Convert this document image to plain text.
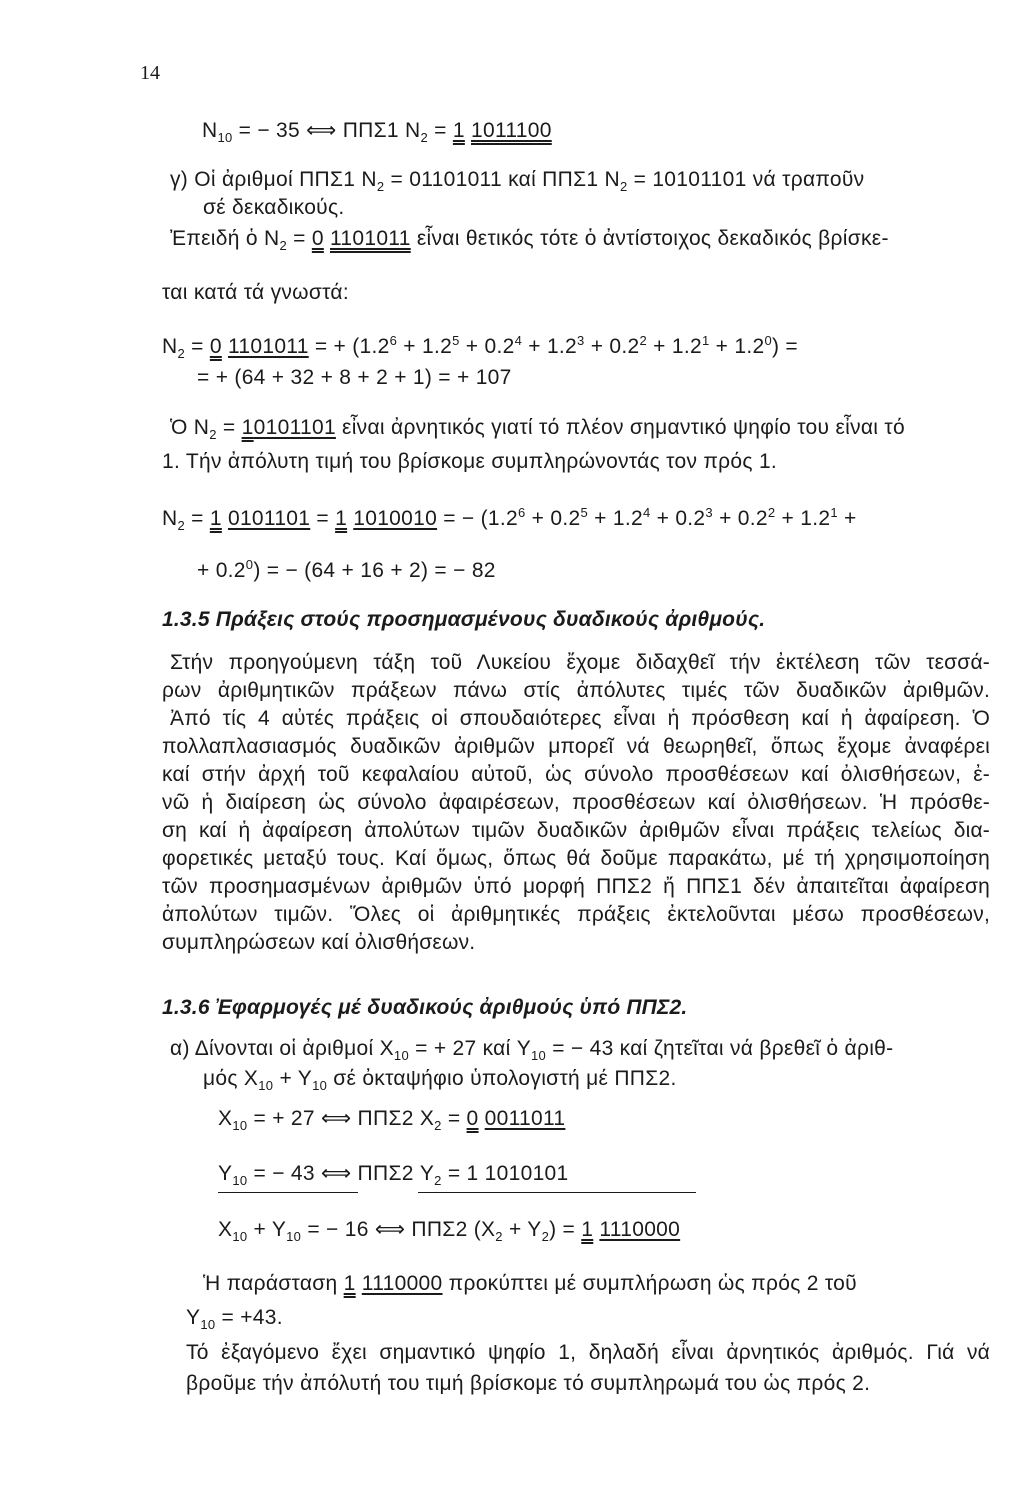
14
$N_{10}$ = − 35 ⟺ ΠΠΣ1 $N_2 = 1$ 1011100
γ) Οἱ ἀριθμοί ΠΠΣ1 $N_2 = 01101011$ καί ΠΠΣ1 $N_2 = 10101101$ νά τραποῦν
σέ δεκαδικούς.
Ἐπειδή ὁ $N_2 = 0$ 1101011 εἶναι θετικός τότε ὁ ἀντίστοιχος δεκαδικός βρίσκε-
ται κατά τά γνωστά:
$N_2 = 0$ 1101011 = + $(1.2^6 + 1.2^5 + 0.2^4 + 1.2^3 + 0.2^2 + 1.2^1 + 1.2^0)$ =
= + (64 + 32 + 8 + 2 + 1) = + 107
Ὁ $N_2 = 10101101$ εἶναι ἀρνητικός γιατί τό πλέον σημαντικό ψηφίο του εἶναι τό
1. Τήν ἀπόλυτη τιμή του βρίσκομε συμπληρώνοντάς τον πρός 1.
$N_2 = 1$ 0101101 = 1 1010010 = − ($1.2^6 + 0.2^5 + 1.2^4 + 0.2^3 + 0.2^2 + 1.2^1$ +
+ $0.2^0$) = − (64 + 16 + 2) = − 82
1.3.5 Πράξεις στούς προσημασμένους δυαδικούς ἀριθμούς.
Στήν προηγούμενη τάξη τοῦ Λυκείου ἔχομε διδαχθεῖ τήν ἐκτέλεση τῶν τεσσά-
ρων ἀριθμητικῶν πράξεων πάνω στίς ἀπόλυτες τιμές τῶν δυαδικῶν ἀριθμῶν.
Ἀπό τίς 4 αὐτές πράξεις οἱ σπουδαιότερες εἶναι ἡ πρόσθεση καί ἡ ἀφαίρεση. Ὁ
πολλαπλασιασμός δυαδικῶν ἀριθμῶν μπορεῖ νά θεωρηθεῖ, ὅπως ἔχομε ἀναφέρει
καί στήν ἀρχή τοῦ κεφαλαίου αὐτοῦ, ὡς σύνολο προσθέσεων καί ὀλισθήσεων, ἐ-
νῶ ἡ διαίρεση ὡς σύνολο ἀφαιρέσεων, προσθέσεων καί ὀλισθήσεων. Ἡ πρόσθε-
ση καί ἡ ἀφαίρεση ἀπολύτων τιμῶν δυαδικῶν ἀριθμῶν εἶναι πράξεις τελείως δια-
φορετικές μεταξύ τους. Καί ὅμως, ὅπως θά δοῦμε παρακάτω, μέ τή χρησιμοποίηση
τῶν προσημασμένων ἀριθμῶν ὑπό μορφή ΠΠΣ2 ἤ ΠΠΣ1 δέν ἀπαιτεῖται ἀφαίρεση
ἀπολύτων τιμῶν. Ὅλες οἱ ἀριθμητικές πράξεις ἐκτελοῦνται μέσω προσθέσεων,
συμπληρώσεων καί ὀλισθήσεων.
1.3.6 Ἐφαρμογές μέ δυαδικούς ἀριθμούς ὑπό ΠΠΣ2.
α) Δίνονται οἱ ἀριθμοί $X_{10}$ = + 27 καί $Y_{10}$ = − 43 καί ζητεῖται νά βρεθεῖ ὁ ἀριθ-
μός $X_{10} + Y_{10}$ σέ ὀκταψήφιο ὑπολογιστή μέ ΠΠΣ2.
$X_{10}$ = + 27 ⟺ ΠΠΣ2 $X_2 = 0$ 0011011
$Y_{10}$ = − 43 ⟺ ΠΠΣ2 $Y_2 = 1$ 1010101
$X_{10} + Y_{10}$ = − 16 ⟺ ΠΠΣ2 $(X_2 + Y_2) = 1$ 1110000
Ἡ παράσταση 1 1110000 προκύπτει μέ συμπλήρωση ὡς πρός 2 τοῦ
$Y_{10} = +43$.
Τό ἐξαγόμενο ἔχει σημαντικό ψηφίο 1, δηλαδή εἶναι ἀρνητικός ἀριθμός. Γιά νά
βροῦμε τήν ἀπόλυτή του τιμή βρίσκομε τό συμπληρωμά του ὡς πρός 2.
